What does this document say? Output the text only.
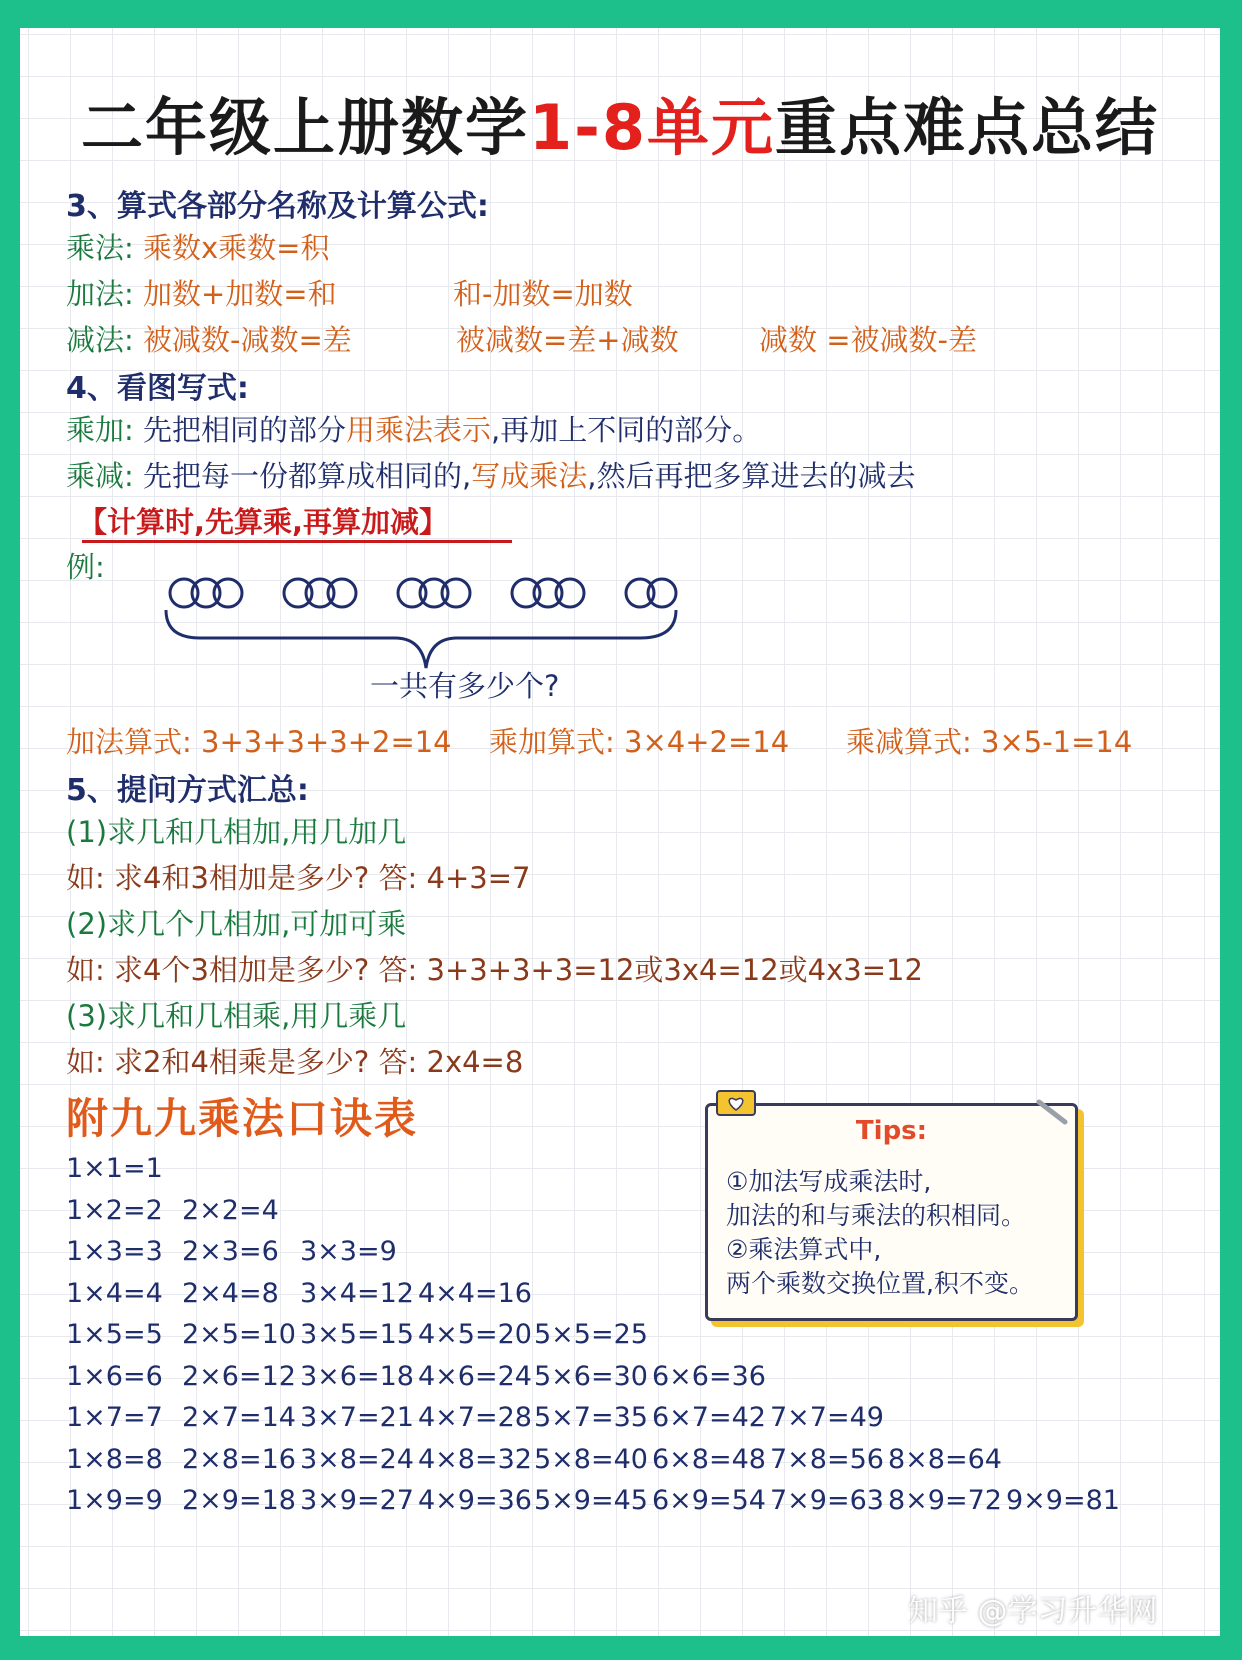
二年级上册数学1-8单元重点难点总结
3、算式各部分名称及计算公式:
乘法: 乘数x乘数=积
加法: 加数+加数=和	和-加数=加数
减法: 被减数-减数=差	被减数=差+减数	减数 =被减数-差
4、看图写式:
乘加: 先把相同的部分用乘法表示,再加上不同的部分。
乘减: 先把每一份都算成相同的,写成乘法,然后再把多算进去的减去
【计算时,先算乘,再算加减】
例:
一共有多少个?
加法算式: 3+3+3+3+2=14 乘加算式: 3×4+2=14 乘减算式: 3×5-1=14
5、提问方式汇总:
(1)求几和几相加,用几加几
如: 求4和3相加是多少? 答: 4+3=7
(2)求几个几相加,可加可乘
如: 求4个3相加是多少? 答: 3+3+3+3=12或3x4=12或4x3=12
(3)求几和几相乘,用几乘几
如: 求2和4相乘是多少? 答: 2x4=8
Tips:
①加法写成乘法时,
加法的和与乘法的积相同。
②乘法算式中,
两个乘数交换位置,积不变。
附九九乘法口诀表
1×1=1
1×2=2 2×2=4
1×3=3 2×3=6 3×3=9
1×4=4 2×4=8 3×4=12 4×4=16
1×5=5 2×5=10 3×5=15 4×5=20 5×5=25
1×6=6 2×6=12 3×6=18 4×6=24 5×6=30 6×6=36
1×7=7 2×7=14 3×7=21 4×7=28 5×7=35 6×7=42 7×7=49
1×8=8 2×8=16 3×8=24 4×8=32 5×8=40 6×8=48 7×8=56 8×8=64
1×9=9 2×9=18 3×9=27 4×9=36 5×9=45 6×9=54 7×9=63 8×9=72 9×9=81
知乎 @学习升华网
